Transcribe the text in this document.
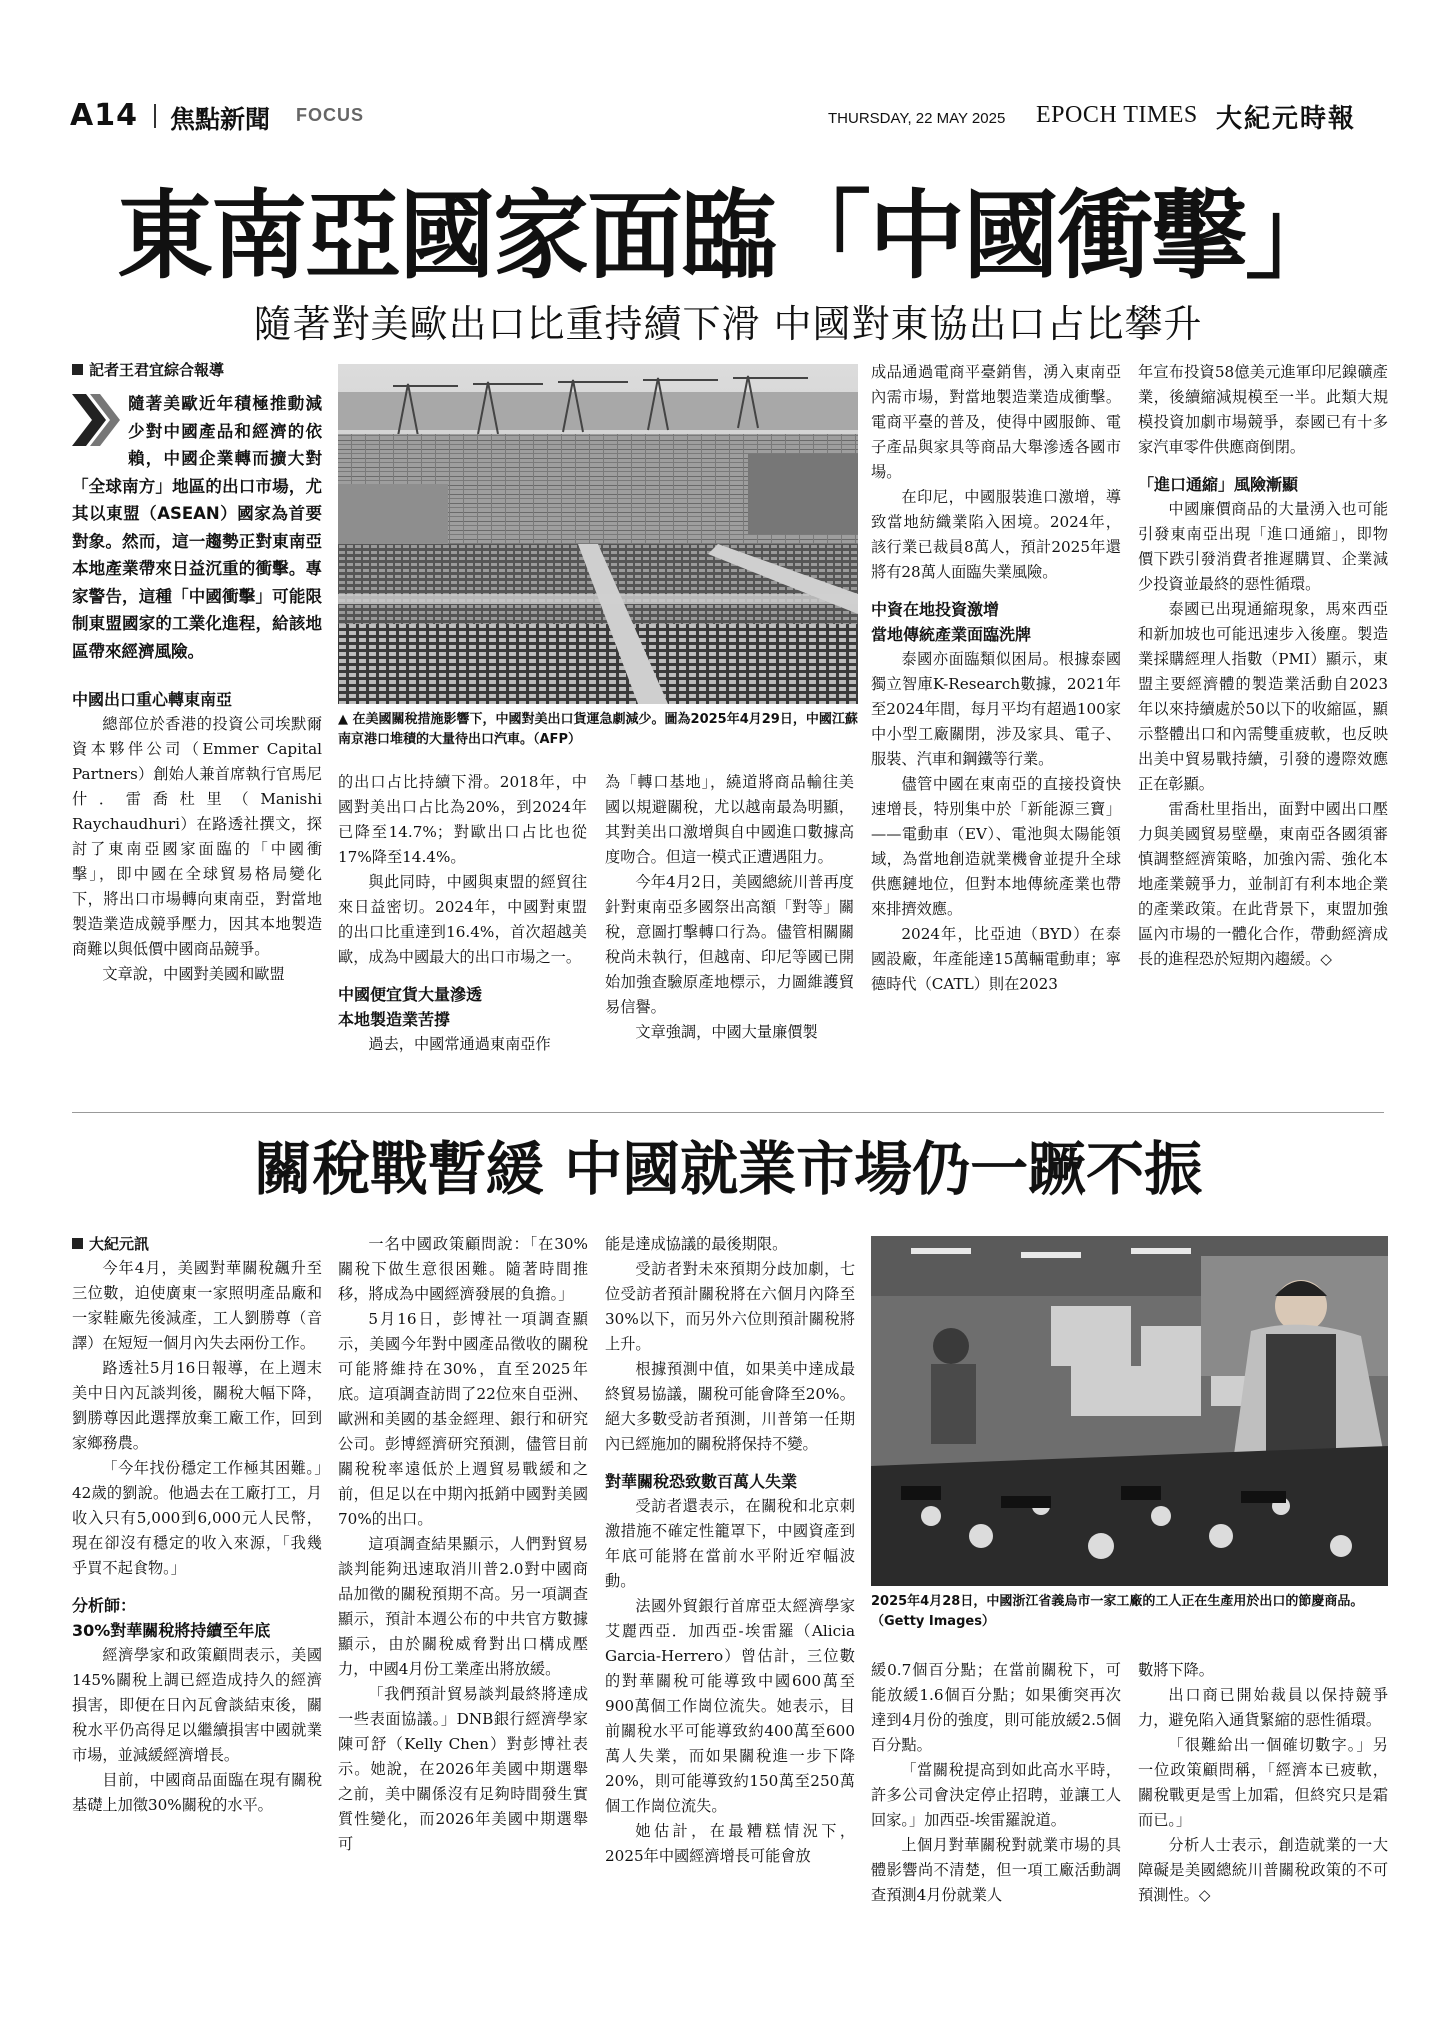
A14 焦點新聞 FOCUS	THURSDAY, 22 MAY 2025 EPOCH TIMES 大紀元時報
東南亞國家面臨「中國衝擊」
隨著對美歐出口比重持續下滑 中國對東協出口占比攀升
記者王君宜綜合報導
隨著美歐近年積極推動減少對中國產品和經濟的依賴，中國企業轉而擴大對「全球南方」地區的出口市場，尤其以東盟（ASEAN）國家為首要對象。然而，這一趨勢正對東南亞本地產業帶來日益沉重的衝擊。專家警告，這種「中國衝擊」可能限制東盟國家的工業化進程，給該地區帶來經濟風險。
中國出口重心轉東南亞

總部位於香港的投資公司埃默爾資本夥伴公司（Emmer Capital Partners）創始人兼首席執行官馬尼什．雷喬杜里（Manishi Raychaudhuri）在路透社撰文，探討了東南亞國家面臨的「中國衝擊」，即中國在全球貿易格局變化下，將出口市場轉向東南亞，對當地製造業造成競爭壓力，因其本地製造商難以與低價中國商品競爭。

文章說，中國對美國和歐盟

▲ 在美國關稅措施影響下，中國對美出口貨運急劇減少。圖為2025年4月29日，中國江蘇南京港口堆積的大量待出口汽車。（AFP）

的出口占比持續下滑。2018年，中國對美出口占比為20%，到2024年已降至14.7%；對歐出口占比也從17%降至14.4%。

與此同時，中國與東盟的經貿往來日益密切。2024年，中國對東盟的出口比重達到16.4%，首次超越美歐，成為中國最大的出口市場之一。

中國便宜貨大量滲透
本地製造業苦撐

過去，中國常通過東南亞作

為「轉口基地」，繞道將商品輸往美國以規避關稅，尤以越南最為明顯，其對美出口激增與自中國進口數據高度吻合。但這一模式正遭遇阻力。

今年4月2日，美國總統川普再度針對東南亞多國祭出高額「對等」關稅，意圖打擊轉口行為。儘管相關關稅尚未執行，但越南、印尼等國已開始加強查驗原產地標示，力圖維護貿易信譽。

文章強調，中國大量廉價製

成品通過電商平臺銷售，湧入東南亞內需市場，對當地製造業造成衝擊。電商平臺的普及，使得中國服飾、電子產品與家具等商品大舉滲透各國市場。

在印尼，中國服裝進口激增，導致當地紡織業陷入困境。2024年，該行業已裁員8萬人，預計2025年還將有28萬人面臨失業風險。

中資在地投資激增
當地傳統產業面臨洗牌

泰國亦面臨類似困局。根據泰國獨立智庫K-Research數據，2021年至2024年間，每月平均有超過100家中小型工廠關閉，涉及家具、電子、服裝、汽車和鋼鐵等行業。

儘管中國在東南亞的直接投資快速增長，特別集中於「新能源三寶」——電動車（EV）、電池與太陽能領域，為當地創造就業機會並提升全球供應鏈地位，但對本地傳統產業也帶來排擠效應。

2024年，比亞迪（BYD）在泰國設廠，年產能達15萬輛電動車；寧德時代（CATL）則在2023

年宣布投資58億美元進軍印尼鎳礦產業，後續縮減規模至一半。此類大規模投資加劇市場競爭，泰國已有十多家汽車零件供應商倒閉。

「進口通縮」風險漸顯

中國廉價商品的大量湧入也可能引發東南亞出現「進口通縮」，即物價下跌引發消費者推遲購買、企業減少投資並最終的惡性循環。

泰國已出現通縮現象，馬來西亞和新加坡也可能迅速步入後塵。製造業採購經理人指數（PMI）顯示，東盟主要經濟體的製造業活動自2023年以來持續處於50以下的收縮區，顯示整體出口和內需雙重疲軟，也反映出美中貿易戰持續，引發的邊際效應正在彰顯。

雷喬杜里指出，面對中國出口壓力與美國貿易壁壘，東南亞各國須審慎調整經濟策略，加強內需、強化本地產業競爭力，並制訂有利本地企業的產業政策。在此背景下，東盟加強區內市場的一體化合作，帶動經濟成長的進程恐於短期內趨緩。◇

關稅戰暫緩 中國就業市場仍一蹶不振
大紀元訊

今年4月，美國對華關稅飆升至三位數，迫使廣東一家照明產品廠和一家鞋廠先後減產，工人劉勝尊（音譯）在短短一個月內失去兩份工作。

路透社5月16日報導，在上週末美中日內瓦談判後，關稅大幅下降，劉勝尊因此選擇放棄工廠工作，回到家鄉務農。

「今年找份穩定工作極其困難。」42歲的劉說。他過去在工廠打工，月收入只有5,000到6,000元人民幣，現在卻沒有穩定的收入來源，「我幾乎買不起食物。」

分析師：
30%對華關稅將持續至年底

經濟學家和政策顧問表示，美國145%關稅上調已經造成持久的經濟損害，即便在日內瓦會談結束後，關稅水平仍高得足以繼續損害中國就業市場，並減緩經濟增長。

目前，中國商品面臨在現有關稅基礎上加徵30%關稅的水平。

一名中國政策顧問說：「在30%關稅下做生意很困難。隨著時間推移，將成為中國經濟發展的負擔。」

5月16日，彭博社一項調查顯示，美國今年對中國產品徵收的關稅可能將維持在30%，直至2025年底。這項調查訪問了22位來自亞洲、歐洲和美國的基金經理、銀行和研究公司。彭博經濟研究預測，儘管目前關稅稅率遠低於上週貿易戰緩和之前，但足以在中期內抵銷中國對美國70%的出口。

這項調查結果顯示，人們對貿易談判能夠迅速取消川普2.0對中國商品加徵的關稅預期不高。另一項調查顯示，預計本週公布的中共官方數據顯示，由於關稅威脅對出口構成壓力，中國4月份工業產出將放緩。

「我們預計貿易談判最終將達成一些表面協議。」DNB銀行經濟學家陳可舒（Kelly Chen）對彭博社表示。她說，在2026年美國中期選舉之前，美中關係沒有足夠時間發生實質性變化，而2026年美國中期選舉可

能是達成協議的最後期限。

受訪者對未來預期分歧加劇，七位受訪者預計關稅將在六個月內降至30%以下，而另外六位則預計關稅將上升。

根據預測中值，如果美中達成最終貿易協議，關稅可能會降至20%。絕大多數受訪者預測，川普第一任期內已經施加的關稅將保持不變。

對華關稅恐致數百萬人失業

受訪者還表示，在關稅和北京刺激措施不確定性籠罩下，中國資產到年底可能將在當前水平附近窄幅波動。

法國外貿銀行首席亞太經濟學家艾麗西亞．加西亞-埃雷羅（Alicia Garcia-Herrero）曾估計，三位數的對華關稅可能導致中國600萬至900萬個工作崗位流失。她表示，目前關稅水平可能導致約400萬至600萬人失業，而如果關稅進一步下降20%，則可能導致約150萬至250萬個工作崗位流失。

她估計，在最糟糕情況下，2025年中國經濟增長可能會放

2025年4月28日，中國浙江省義烏市一家工廠的工人正在生產用於出口的節慶商品。（Getty Images）

緩0.7個百分點；在當前關稅下，可能放緩1.6個百分點；如果衝突再次達到4月份的強度，則可能放緩2.5個百分點。

「當關稅提高到如此高水平時，許多公司會決定停止招聘，並讓工人回家。」加西亞-埃雷羅說道。

上個月對華關稅對就業市場的具體影響尚不清楚，但一項工廠活動調查預測4月份就業人

數將下降。

出口商已開始裁員以保持競爭力，避免陷入通貨緊縮的惡性循環。

「很難給出一個確切數字。」另一位政策顧問稱，「經濟本已疲軟，關稅戰更是雪上加霜，但終究只是霜而已。」

分析人士表示，創造就業的一大障礙是美國總統川普關稅政策的不可預測性。◇
